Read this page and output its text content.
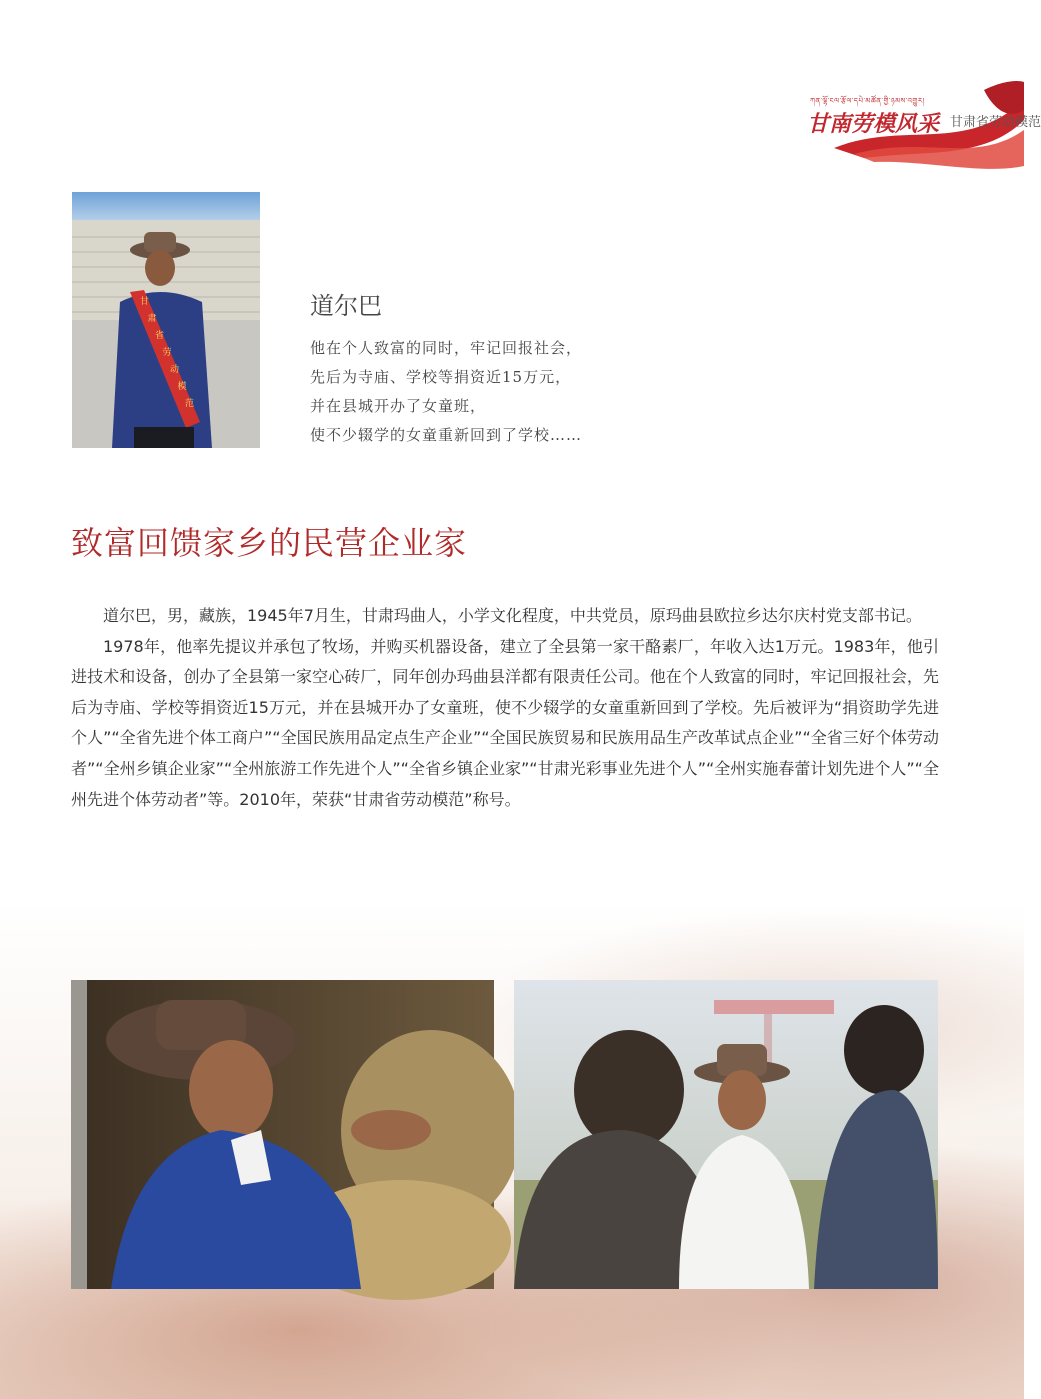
ཀན་ལྷོ་ངལ་རྩོལ་དཔེ་མཚོན་གྱི་ཉམས་འགྱུར།
甘南劳模风采 甘肃省劳动模范
甘
肃
省
劳
动
模
范
道尔巴
他在个人致富的同时，牢记回报社会，
先后为寺庙、学校等捐资近15万元，
并在县城开办了女童班，
使不少辍学的女童重新回到了学校……
致富回馈家乡的民营企业家

道尔巴，男，藏族，1945年7月生，甘肃玛曲人，小学文化程度，中共党员，原玛曲县欧拉乡达尔庆村党支部书记。

1978年，他率先提议并承包了牧场，并购买机器设备，建立了全县第一家干酪素厂，年收入达1万元。1983年，他引进技术和设备，创办了全县第一家空心砖厂，同年创办玛曲县洋都有限责任公司。他在个人致富的同时，牢记回报社会，先后为寺庙、学校等捐资近15万元，并在县城开办了女童班，使不少辍学的女童重新回到了学校。先后被评为“捐资助学先进个人”“全省先进个体工商户”“全国民族用品定点生产企业”“全国民族贸易和民族用品生产改革试点企业”“全省三好个体劳动者”“全州乡镇企业家”“全州旅游工作先进个人”“全省乡镇企业家”“甘肃光彩事业先进个人”“全州实施春蕾计划先进个人”“全州先进个体劳动者”等。2010年，荣获“甘肃省劳动模范”称号。
